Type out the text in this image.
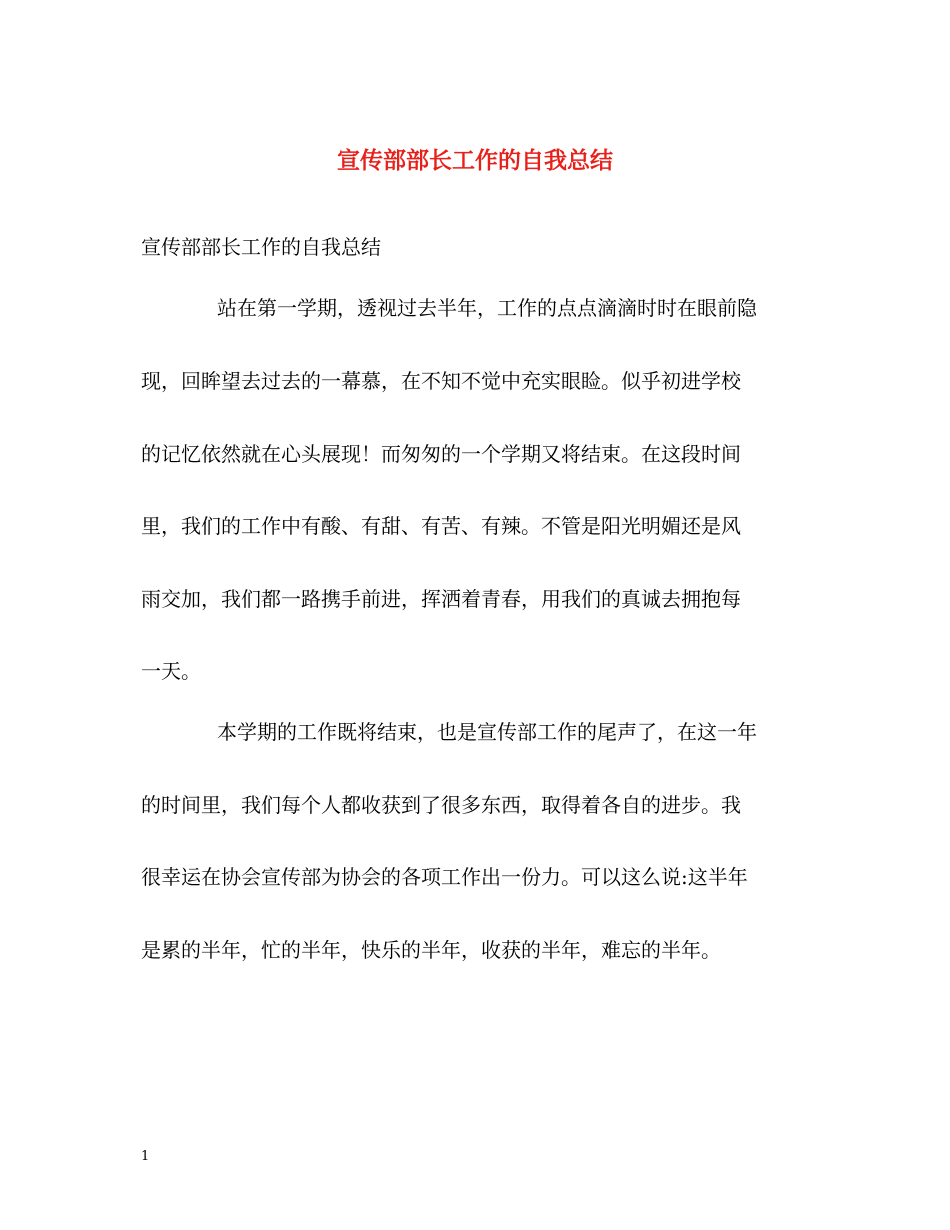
宣传部部长工作的自我总结
宣传部部长工作的自我总结
站在第一学期，透视过去半年，工作的点点滴滴时时在眼前隐
现，回眸望去过去的一幕慕，在不知不觉中充实眼睑。似乎初进学校
的记忆依然就在心头展现！而匆匆的一个学期又将结束。在这段时间
里，我们的工作中有酸、有甜、有苦、有辣。不管是阳光明媚还是风
雨交加，我们都一路携手前进，挥洒着青春，用我们的真诚去拥抱每
一天。
本学期的工作既将结束，也是宣传部工作的尾声了，在这一年
的时间里，我们每个人都收获到了很多东西，取得着各自的进步。我
很幸运在协会宣传部为协会的各项工作出一份力。可以这么说:这半年
是累的半年，忙的半年，快乐的半年，收获的半年，难忘的半年。
1
